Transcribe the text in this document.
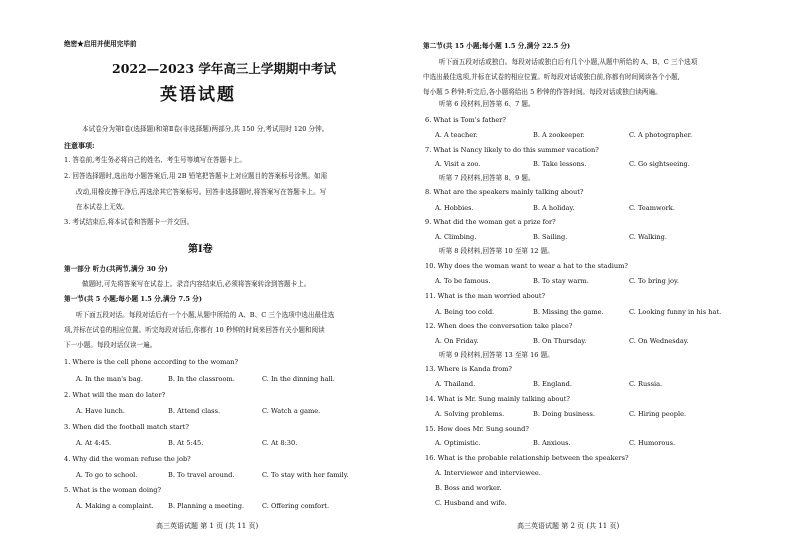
绝密★启用并使用完毕前
2022—2023 学年高三上学期期中考试
英语试题
本试卷分为第Ⅰ卷(选择题)和第Ⅱ卷(非选择题)两部分,共 150 分,考试用时 120 分钟。
注意事项:
1. 答卷前,考生务必将自己的姓名、考生号等填写在答题卡上。
2. 回答选择题时,选出每小题答案后,用 2B 铅笔把答题卡上对应题目的答案标号涂黑。如需
改动,用橡皮擦干净后,再选涂其它答案标号。回答非选择题时,将答案写在答题卡上。写
在本试卷上无效。
3. 考试结束后,将本试卷和答题卡一并交回。
第Ⅰ卷
第一部分 听力(共两节,满分 30 分)
做题时,可先将答案写在试卷上。录音内容结束后,必须将答案转涂到答题卡上。
第一节(共 5 小题;每小题 1.5 分,满分 7.5 分)
听下面五段对话。每段对话后有一个小题,从题中所给的 A、B、C 三个选项中选出最佳选
项,并标在试卷的相应位置。听完每段对话后,你都有 10 秒钟的时间来回答有关小题和阅读
下一小题。每段对话仅读一遍。
1. Where is the cell phone according to the woman?
A. In the man's bag.	B. In the classroom.	C. In the dinning hall.
2. What will the man do later?
A. Have lunch.	B. Attend class.	C. Watch a game.
3. When did the football match start?
A. At 4:45.	B. At 5:45.	C. At 8:30.
4. Why did the woman refuse the job?
A. To go to school.	B. To travel around.	C. To stay with her family.
5. What is the woman doing?
A. Making a complaint. B. Planning a meeting.	C. Offering comfort.
高三英语试题 第 1 页 (共 11 页)
第二节(共 15 小题;每小题 1.5 分,满分 22.5 分)
听下面五段对话或独白。每段对话或独白后有几个小题,从题中所给的 A、B、C 三个选项
中选出最佳选项,并标在试卷的相应位置。听每段对话或独白前,你都有时间阅读各个小题,
每小题 5 秒钟;听完后,各小题将给出 5 秒钟的作答时间。每段对话或独白读两遍。
听第 6 段材料,回答第 6、7 题。
6. What is Tom's father?
A. A teacher.	B. A zookeeper.	C. A photographer.
7. What is Nancy likely to do this summer vacation?
A. Visit a zoo.	B. Take lessons.	C. Go sightseeing.
听第 7 段材料,回答第 8、9 题。
8. What are the speakers mainly talking about?
A. Hobbies.	B. A holiday.	C. Teamwork.
9. What did the woman get a prize for?
A. Climbing.	B. Sailing.	C. Walking.
听第 8 段材料,回答第 10 至第 12 题。
10. Why does the woman want to wear a hat to the stadium?
A. To be famous.	B. To stay warm.	C. To bring joy.
11. What is the man worried about?
A. Being too cold.	B. Missing the game.	C. Looking funny in his hat.
12. When does the conversation take place?
A. On Friday.	B. On Thursday.	C. On Wednesday.
听第 9 段材料,回答第 13 至第 16 题。
13. Where is Kanda from?
A. Thailand.	B. England.	C. Russia.
14. What is Mr. Sung mainly talking about?
A. Solving problems.	B. Doing business.	C. Hiring people.
15. How does Mr. Sung sound?
A. Optimistic.	B. Anxious.	C. Humorous.
16. What is the probable relationship between the speakers?
A. Interviewer and interviewee.
B. Boss and worker.
C. Husband and wife.
高三英语试题 第 2 页 (共 11 页)
